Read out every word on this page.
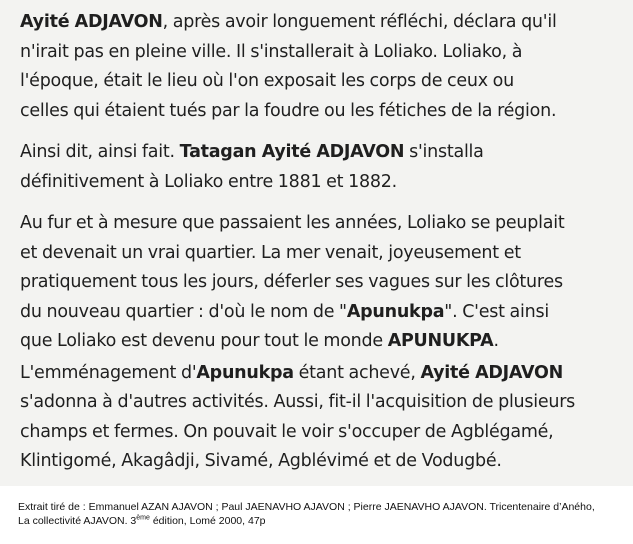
Ayité ADJAVON, après avoir longuement réfléchi, déclara qu'il
n'irait pas en pleine ville. Il s'installerait à Loliako. Loliako, à
l'époque, était le lieu où l'on exposait les corps de ceux ou
celles qui étaient tués par la foudre ou les fétiches de la région.

Ainsi dit, ainsi fait. Tatagan Ayité ADJAVON s'installa
définitivement à Loliako entre 1881 et 1882.

Au fur et à mesure que passaient les années, Loliako se peuplait
et devenait un vrai quartier. La mer venait, joyeusement et
pratiquement tous les jours, déferler ses vagues sur les clôtures
du nouveau quartier : d'où le nom de "Apunukpa". C'est ainsi
que Loliako est devenu pour tout le monde APUNUKPA.

L'emménagement d'Apunukpa étant achevé, Ayité ADJAVON
s'adonna à d'autres activités. Aussi, fit-il l'acquisition de plusieurs
champs et fermes. On pouvait le voir s'occuper de Agblégamé,
Klintigomé, Akagâdji, Sivamé, Agblévimé et de Vodugbé.

Extrait tiré de : Emmanuel AZAN AJAVON ; Paul JAENAVHO AJAVON ; Pierre JAENAVHO AJAVON. Tricentenaire d’Aného,
La collectivité AJAVON. 3ème édition, Lomé 2000, 47p
